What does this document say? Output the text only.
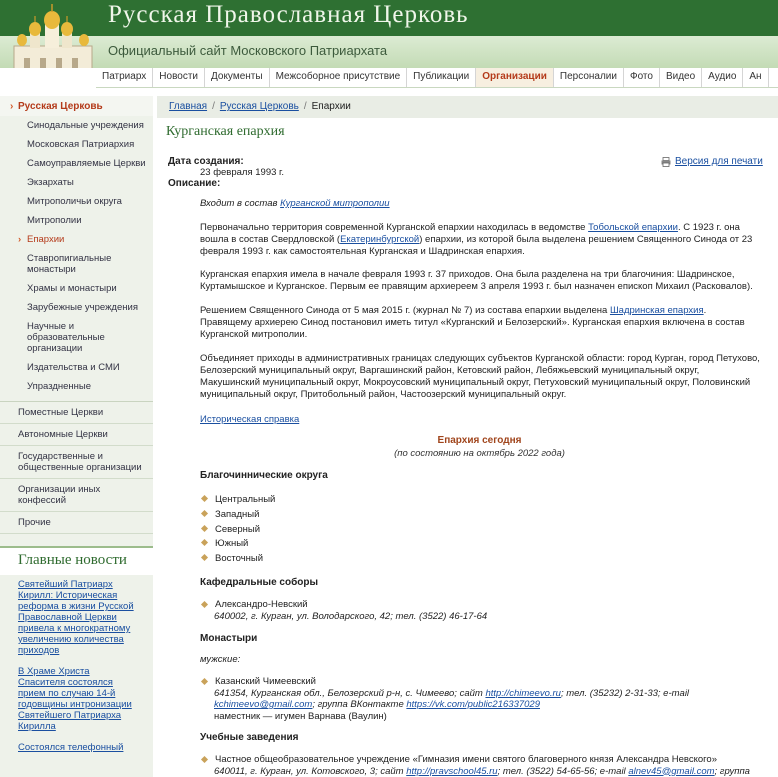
Русская Православная Церковь
Официальный сайт Московского Патриархата
Патриарх	Новости	Документы	Межсоборное присутствие	Публикации	Организации	Персоналии	Фото	Видео	Аудио	Ан
› Русская Церковь
Синодальные учреждения
Московская Патриархия
Самоуправляемые Церкви
Экзархаты
Митрополичьи округа
Митрополии
› Епархии
Ставропигиальные монастыри
Храмы и монастыри
Зарубежные учреждения
Научные и образовательные организации
Издательства и СМИ
Упраздненные
Поместные Церкви
Автономные Церкви
Государственные и общественные организации
Организации иных конфессий
Прочие
Главные новости
Святейший Патриарх Кирилл: Историческая реформа в жизни Русской Православной Церкви привела к многократному увеличению количества приходов
В Храме Христа Спасителя состоялся прием по случаю 14-й годовщины интронизации Святейшего Патриарха Кирилла
Состоялся телефонный
Главная / Русская Церковь / Епархии
Курганская епархия
Дата создания:
23 февраля 1993 г.
Описание:
Версия для печати
Входит в состав Курганской митрополии
Первоначально территория современной Курганской епархии находилась в ведомстве Тобольской епархии. С 1923 г. она вошла в состав Свердловской (Екатеринбургской) епархии, из которой была выделена решением Священного Синода от 23 февраля 1993 г. как самостоятельная Курганская и Шадринская епархия.
Курганская епархия имела в начале февраля 1993 г. 37 приходов. Она была разделена на три благочиния: Шадринское, Куртамышское и Курганское. Первым ее правящим архиереем 3 апреля 1993 г. был назначен епископ Михаил (Расковалов).
Решением Священного Синода от 5 мая 2015 г. (журнал № 7) из состава епархии выделена Шадринская епархия. Правящему архиерею Синод постановил иметь титул «Курганский и Белозерский». Курганская епархия включена в состав Курганской митрополии.
Объединяет приходы в административных границах следующих субъектов Курганской области: город Курган, город Петухово, Белозерский муниципальный округ, Варгашинский район, Кетовский район, Лебяжьевский муниципальный округ, Макушинский муниципальный округ, Мокроусовский муниципальный округ, Петуховский муниципальный округ, Половинский муниципальный округ, Притобольный район, Частоозерский муниципальный округ.
Историческая справка
Епархия сегодня
(по состоянию на октябрь 2022 года)
Благочиннические округа
Центральный
Западный
Северный
Южный
Восточный
Кафедральные соборы
Александро-Невский
640002, г. Курган, ул. Володарского, 42; тел. (3522) 46-17-64
Монастыри
мужские:
Казанский Чимеевский
641354, Курганская обл., Белозерский р-н, с. Чимеево; сайт http://chimeevo.ru; тел. (35232) 2-31-33; e-mail
kchimeevo@gmail.com; группа ВКонтакте https://vk.com/public216337029
наместник — игумен Варнава (Ваулин)
Учебные заведения
Частное общеобразовательное учреждение «Гимназия имени святого благоверного князя Александра Невского»
640011, г. Курган, ул. Котовского, 3; сайт http://pravschool45.ru; тел. (3522) 54-65-56; e-mail alnev45@gmail.com; группа
